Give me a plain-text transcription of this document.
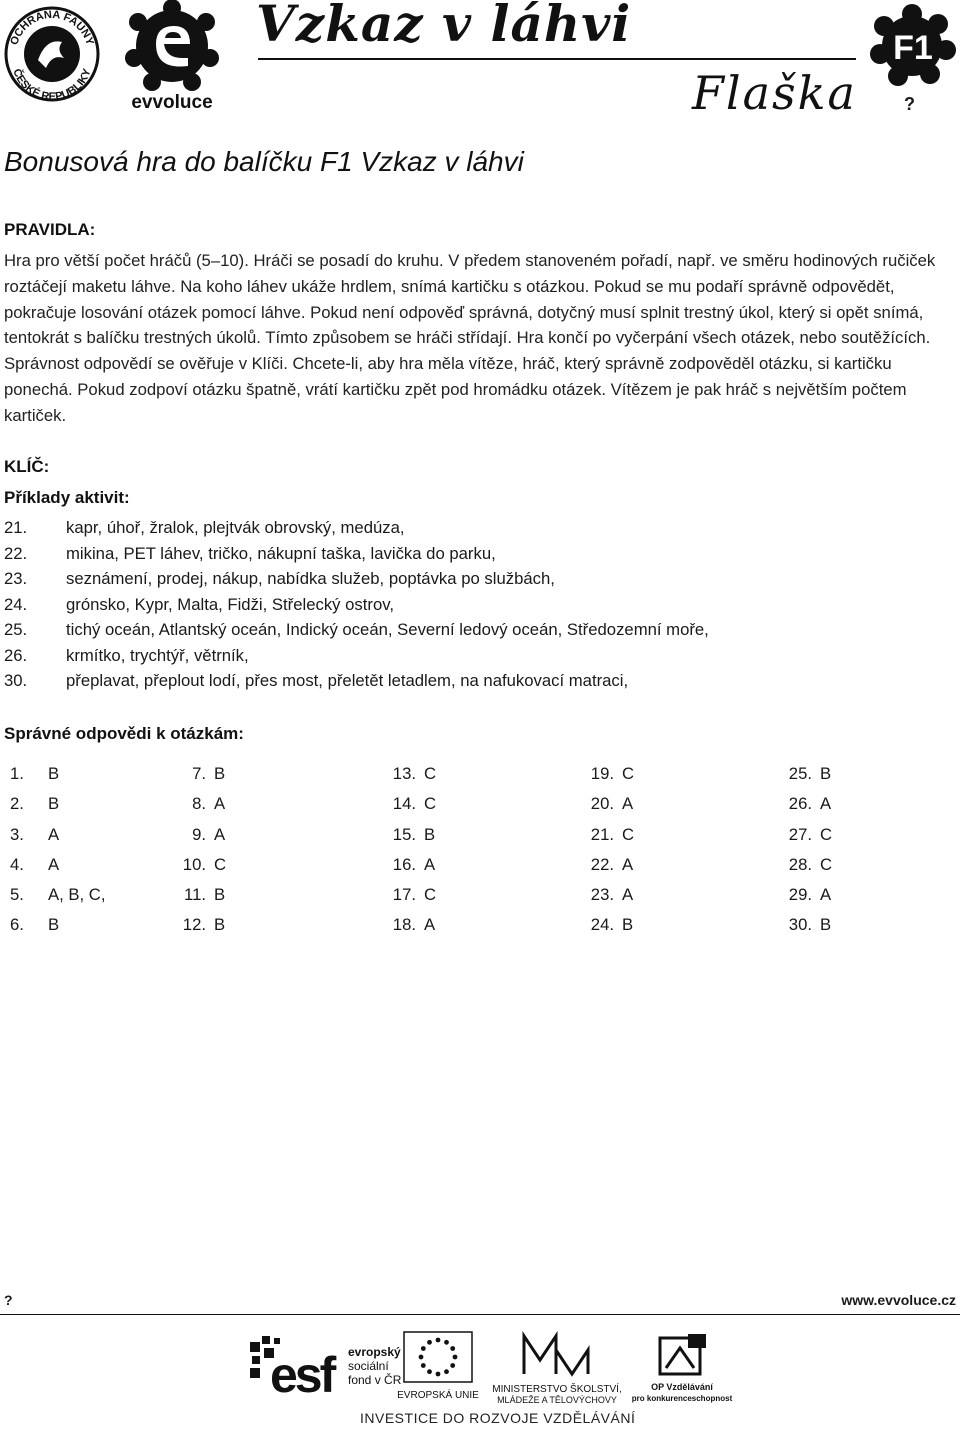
OCHRANA FAUNY
ČESKÉ REPUBLIKY
evvoluce
Vzkaz v láhvi
Flaška
F1
?
Bonusová hra do balíčku F1 Vzkaz v láhvi
PRAVIDLA:
Hra pro větší počet hráčů (5–10). Hráči se posadí do kruhu. V předem stanoveném pořadí, např. ve směru hodinových ručiček roztáčejí maketu láhve. Na koho láhev ukáže hrdlem, snímá kartičku s otázkou. Pokud se mu podaří správně odpovědět, pokračuje losování otázek pomocí láhve. Pokud není odpověď správná, dotyčný musí splnit trestný úkol, který si opět snímá, tentokrát s balíčku trestných úkolů. Tímto způsobem se hráči střídají. Hra končí po vyčerpání všech otázek, nebo soutěžících. Správnost odpovědí se ověřuje v Klíči. Chcete-li, aby hra měla vítěze, hráč, který správně zodpověděl otázku, si kartičku ponechá. Pokud zodpoví otázku špatně, vrátí kartičku zpět pod hromádku otázek. Vítězem je pak hráč s největším počtem kartiček.
KLÍČ:
Příklady aktivit:
21.	kapr, úhoř, žralok, plejtvák obrovský, medúza,
22.	mikina, PET láhev, tričko, nákupní taška, lavička do parku,
23.	seznámení, prodej, nákup, nabídka služeb, poptávka po službách,
24.	grónsko, Kypr, Malta, Fidži, Střelecký ostrov,
25.	tichý oceán, Atlantský oceán, Indický oceán, Severní ledový oceán, Středozemní moře,
26.	krmítko, trychtýř, větrník,
30.	přeplavat, přeplout lodí, přes most, přeletět letadlem, na nafukovací matraci,
Správné odpovědi k otázkám:
1.	B
2.	B
3.	A
4.	A
5.	A, B, C,
6.	B
7. B
8. A
9. A
10. C
11. B
12. B
13. C
14. C
15. B
16. A
17. C
18. A
19. C
20. A
21. C
22. A
23. A
24. B
25. B
26. A
27. C
28. C
29. A
30. B
?	www.evvoluce.cz
esf evropský
sociální
fond v ČR
EVROPSKÁ UNIE
MINISTERSTVO ŠKOLSTVÍ,
MLÁDEŽE A TĚLOVÝCHOVY
OP Vzdělávání
pro konkurenceschopnost
INVESTICE DO ROZVOJE VZDĚLÁVÁNÍ
